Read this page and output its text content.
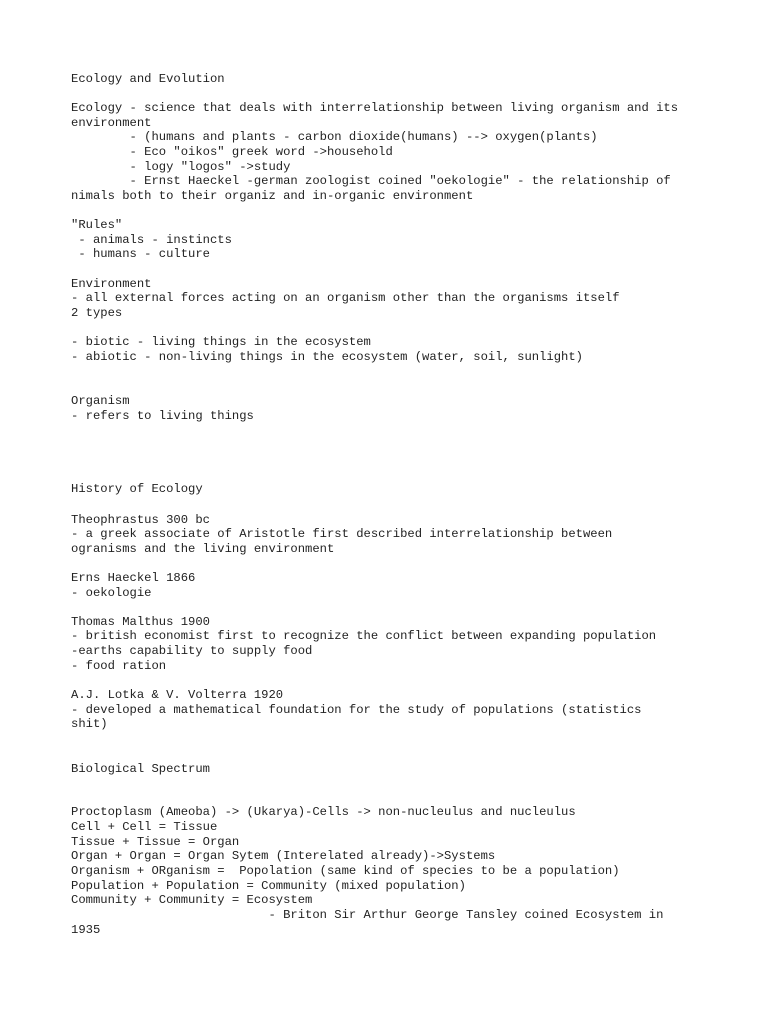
Ecology and Evolution

Ecology - science that deals with interrelationship between living organism and its

environment

- (humans and plants - carbon dioxide(humans) --> oxygen(plants)

- Eco "oikos" greek word ->household

- logy "logos" ->study

- Ernst Haeckel -german zoologist coined "oekologie" - the relationship of

nimals both to their organiz and in-organic environment

"Rules"

- animals - instincts

- humans - culture

Environment

- all external forces acting on an organism other than the organisms itself

2 types

- biotic - living things in the ecosystem

- abiotic - non-living things in the ecosystem (water, soil, sunlight)

Organism

- refers to living things

History of Ecology

Theophrastus 300 bc

- a greek associate of Aristotle first described interrelationship between

ogranisms and the living environment

Erns Haeckel 1866

- oekologie

Thomas Malthus 1900

- british economist first to recognize the conflict between expanding population

-earths capability to supply food

- food ration

A.J. Lotka & V. Volterra 1920

- developed a mathematical foundation for the study of populations (statistics

shit)

Biological Spectrum

Proctoplasm (Ameoba) -> (Ukarya)-Cells -> non-nucleulus and nucleulus

Cell + Cell = Tissue

Tissue + Tissue = Organ

Organ + Organ = Organ Sytem (Interelated already)->Systems

Organism + ORganism =  Popolation (same kind of species to be a population)

Population + Population = Community (mixed population)

Community + Community = Ecosystem

- Briton Sir Arthur George Tansley coined Ecosystem in

1935
